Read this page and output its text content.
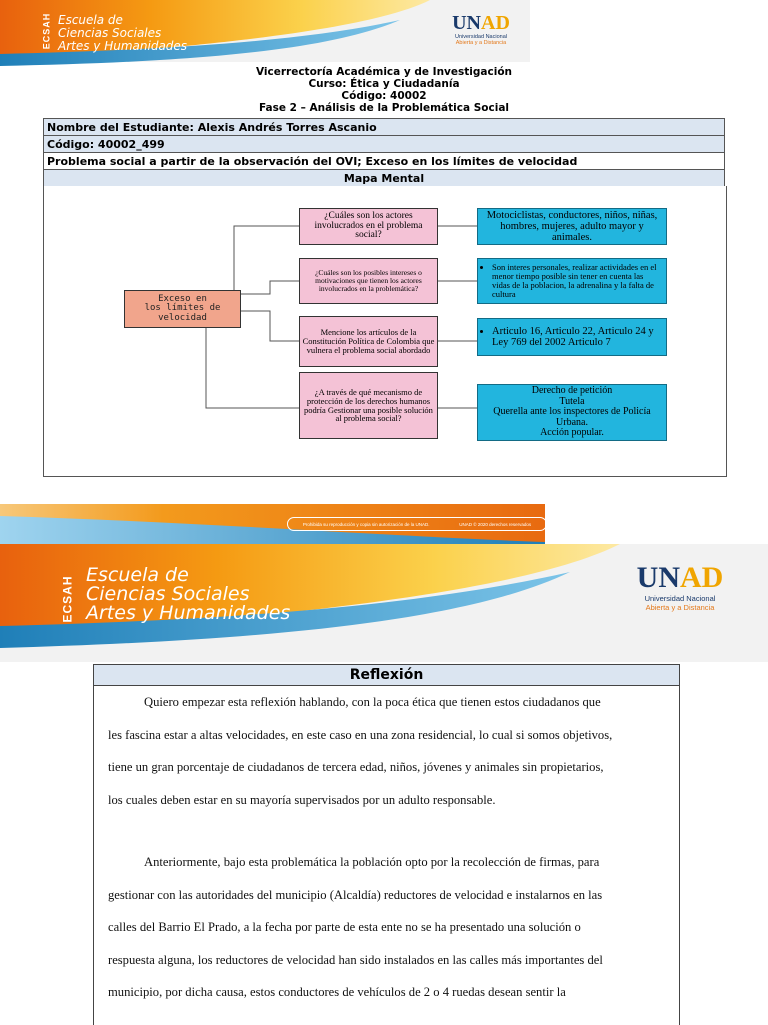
Escuela de
Ciencias Sociales
Artes y Humanidades
ECSAH	UNAD
Universidad Nacional
Abierta y a Distancia
Vicerrectoría Académica y de Investigación
Curso: Ética y Ciudadanía
Código: 40002
Fase 2 – Análisis de la Problemática Social
Nombre del Estudiante: Alexis Andrés Torres Ascanio
Código: 40002_499
Problema social a partir de la observación del OVI; Exceso en los límites de velocidad
Mapa Mental
Exceso en
los límites de
velocidad
¿Cuáles son los actores involucrados en el problema social?
¿Cuáles son los posibles intereses o motivaciones que tienen los actores involucrados en la problemática?
Mencione los artículos de la Constitución Política de Colombia que vulnera el problema social abordado
¿A través de qué mecanismo de protección de los derechos humanos podría Gestionar una posible solución al problema social?
Motociclistas, conductores, niños, niñas, hombres, mujeres, adulto mayor y animales.
• Son interes personales, realizar actividades en el menor tiempo posible sin tener en cuenta las vidas de la poblacion, la adrenalina y la falta de cultura
• Articulo 16, Articulo 22, Articulo 24 y Ley 769 del 2002 Articulo 7
Derecho de petición
Tutela
Querella ante los inspectores de Policía Urbana.
Acción popular.
Prohibida su reproducción y copia sin autorización de la UNAD.	UNAD © 2020 derechos reservados
Escuela de
Ciencias Sociales
Artes y Humanidades
ECSAH	UNAD
Universidad Nacional
Abierta y a Distancia
Reflexión

Quiero empezar esta reflexión hablando, con la poca ética que tienen estos ciudadanos que

les fascina estar a altas velocidades, en este caso en una zona residencial, lo cual si somos objetivos,

tiene un gran porcentaje de ciudadanos de tercera edad, niños, jóvenes y animales sin propietarios,

los cuales deben estar en su mayoría supervisados por un adulto responsable.

Anteriormente, bajo esta problemática la población opto por la recolección de firmas, para

gestionar con las autoridades del municipio (Alcaldía) reductores de velocidad e instalarnos en las

calles del Barrio El Prado, a la fecha por parte de esta ente no se ha presentado una solución o

respuesta alguna, los reductores de velocidad han sido instalados en las calles más importantes del

municipio, por dicha causa, estos conductores de vehículos de 2 o 4 ruedas desean sentir la
